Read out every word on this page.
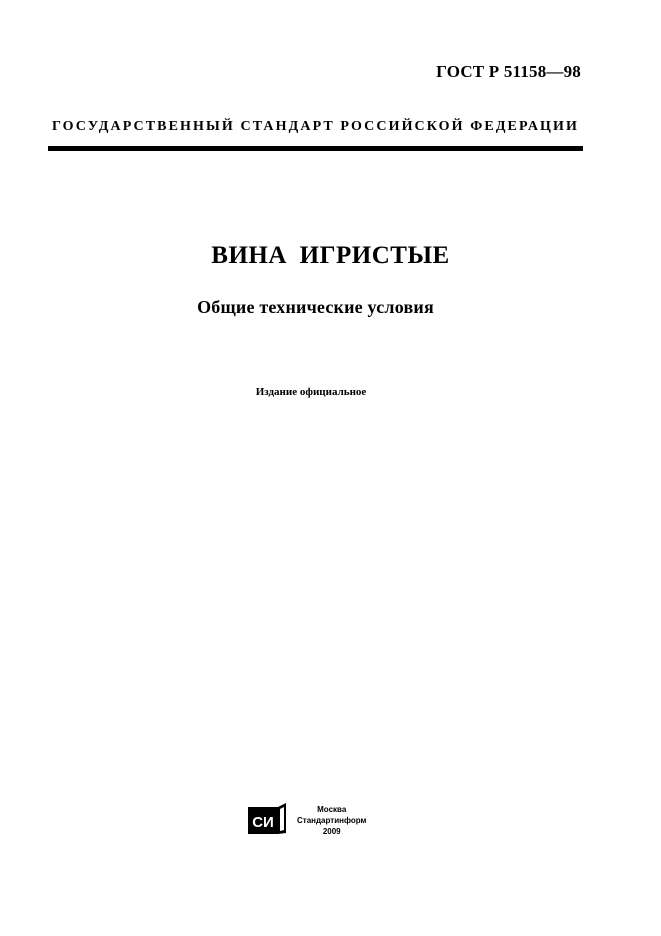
ГОСТ Р 51158—98
ГОСУДАРСТВЕННЫЙ СТАНДАРТ РОССИЙСКОЙ ФЕДЕРАЦИИ
ВИНА ИГРИСТЫЕ
Общие технические условия
Издание официальное
СИ
Москва
Стандартинформ
2009
